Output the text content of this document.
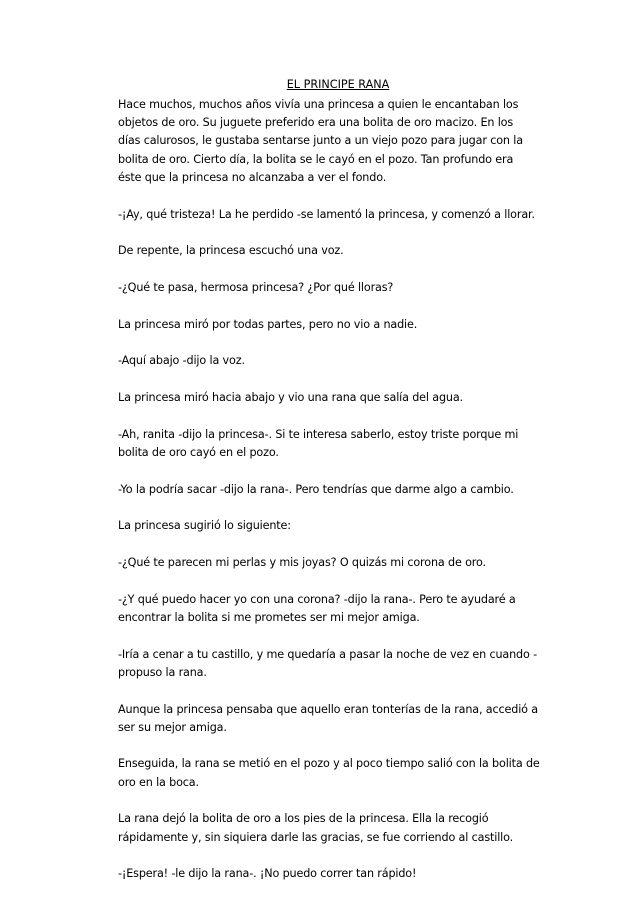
EL PRINCIPE RANA

Hace muchos, muchos años vivía una princesa a quien le encantaban los
objetos de oro. Su juguete preferido era una bolita de oro macizo. En los
días calurosos, le gustaba sentarse junto a un viejo pozo para jugar con la
bolita de oro. Cierto día, la bolita se le cayó en el pozo. Tan profundo era
éste que la princesa no alcanzaba a ver el fondo.

-¡Ay, qué tristeza! La he perdido -se lamentó la princesa, y comenzó a llorar.

De repente, la princesa escuchó una voz.

-¿Qué te pasa, hermosa princesa? ¿Por qué lloras?

La princesa miró por todas partes, pero no vio a nadie.

-Aquí abajo -dijo la voz.

La princesa miró hacia abajo y vio una rana que salía del agua.

-Ah, ranita -dijo la princesa-. Si te interesa saberlo, estoy triste porque mi
bolita de oro cayó en el pozo.

-Yo la podría sacar -dijo la rana-. Pero tendrías que darme algo a cambio.

La princesa sugirió lo siguiente:

-¿Qué te parecen mi perlas y mis joyas? O quizás mi corona de oro.

-¿Y qué puedo hacer yo con una corona? -dijo la rana-. Pero te ayudaré a
encontrar la bolita si me prometes ser mi mejor amiga.

-Iría a cenar a tu castillo, y me quedaría a pasar la noche de vez en cuando -
propuso la rana.

Aunque la princesa pensaba que aquello eran tonterías de la rana, accedió a
ser su mejor amiga.

Enseguida, la rana se metió en el pozo y al poco tiempo salió con la bolita de
oro en la boca.

La rana dejó la bolita de oro a los pies de la princesa. Ella la recogió
rápidamente y, sin siquiera darle las gracias, se fue corriendo al castillo.

-¡Espera! -le dijo la rana-. ¡No puedo correr tan rápido!
